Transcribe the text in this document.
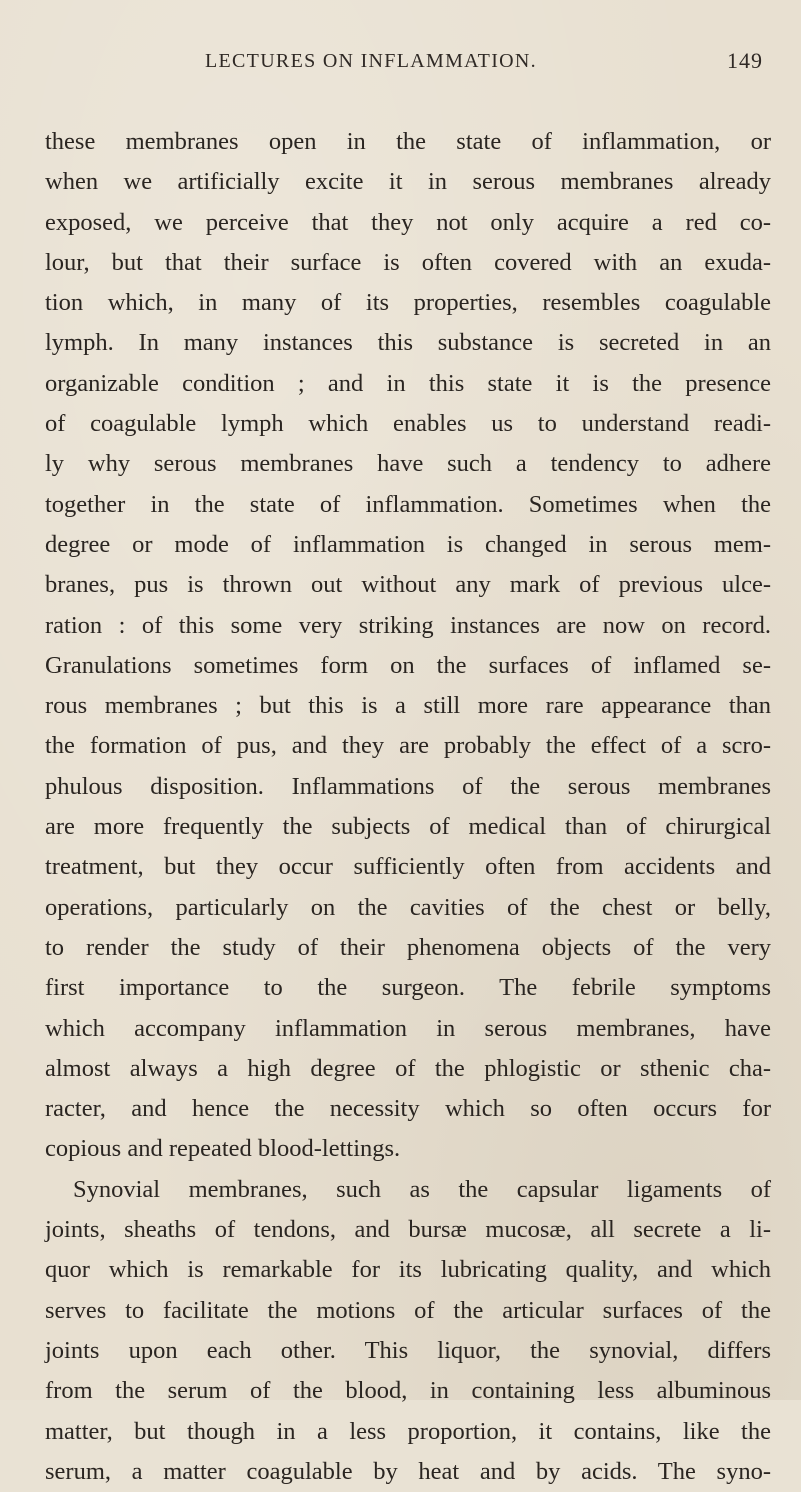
LECTURES ON INFLAMMATION.	149
these membranes open in the state of inflammation, or
when we artificially excite it in serous membranes already
exposed, we perceive that they not only acquire a red co-
lour, but that their surface is often covered with an exuda-
tion which, in many of its properties, resembles coagulable
lymph. In many instances this substance is secreted in an
organizable condition ; and in this state it is the presence
of coagulable lymph which enables us to understand readi-
ly why serous membranes have such a tendency to adhere
together in the state of inflammation. Sometimes when the
degree or mode of inflammation is changed in serous mem-
branes, pus is thrown out without any mark of previous ulce-
ration : of this some very striking instances are now on record.
Granulations sometimes form on the surfaces of inflamed se-
rous membranes ; but this is a still more rare appearance than
the formation of pus, and they are probably the effect of a scro-
phulous disposition. Inflammations of the serous membranes
are more frequently the subjects of medical than of chirurgical
treatment, but they occur sufficiently often from accidents and
operations, particularly on the cavities of the chest or belly,
to render the study of their phenomena objects of the very
first importance to the surgeon. The febrile symptoms
which accompany inflammation in serous membranes, have
almost always a high degree of the phlogistic or sthenic cha-
racter, and hence the necessity which so often occurs for
copious and repeated blood-lettings.
Synovial membranes, such as the capsular ligaments of
joints, sheaths of tendons, and bursæ mucosæ, all secrete a li-
quor which is remarkable for its lubricating quality, and which
serves to facilitate the motions of the articular surfaces of the
joints upon each other. This liquor, the synovial, differs
from the serum of the blood, in containing less albuminous
matter, but though in a less proportion, it contains, like the
serum, a matter coagulable by heat and by acids. The syno-
